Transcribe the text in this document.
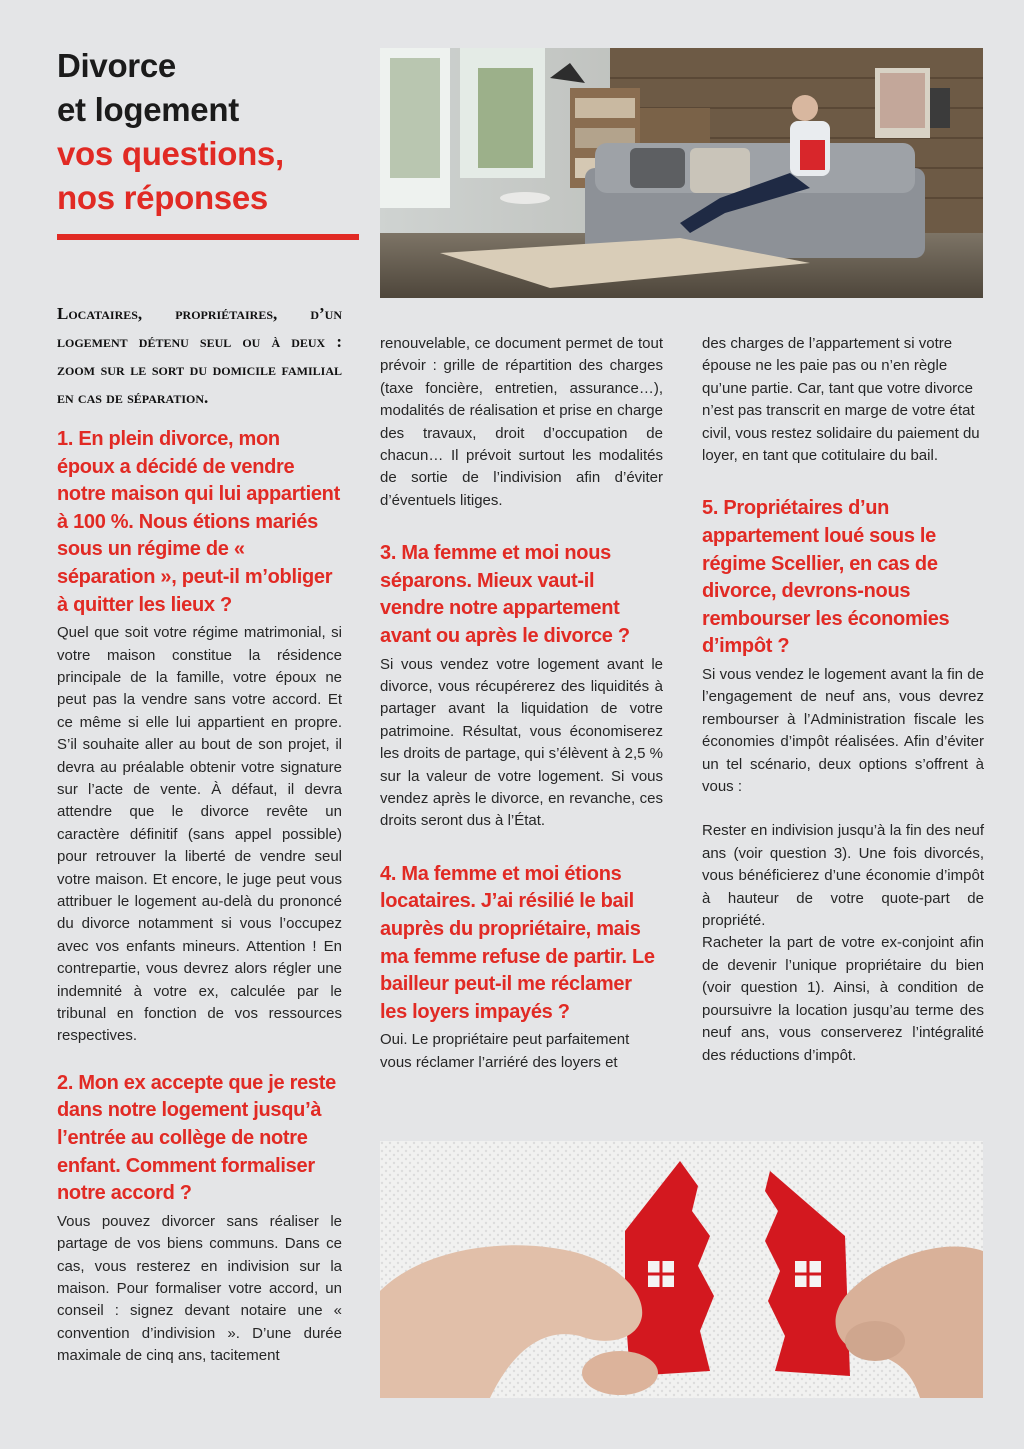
Divorce
et logement
vos questions,
nos réponses

Locataires, propriétaires, d’un logement détenu seul ou à deux : zoom sur le sort du domicile familial en cas de séparation.

1. En plein divorce, mon époux a décidé de vendre notre maison qui lui appartient à 100 %. Nous étions mariés sous un régime de « séparation », peut-il m’obliger à quitter les lieux ?

Quel que soit votre régime matrimonial, si votre maison constitue la résidence principale de la famille, votre époux ne peut pas la vendre sans votre accord. Et ce même si elle lui appartient en propre. S’il souhaite aller au bout de son projet, il devra au préalable obtenir votre signature sur l’acte de vente. À défaut, il devra attendre que le divorce revête un caractère définitif (sans appel possible) pour retrouver la liberté de vendre seul votre maison. Et encore, le juge peut vous attribuer le logement au-delà du prononcé du divorce notamment si vous l’occupez avec vos enfants mineurs. Attention ! En contrepartie, vous devrez alors régler une indemnité à votre ex, calculée par le tribunal en fonction de vos ressources respectives.

2. Mon ex accepte que je reste dans notre logement jusqu’à l’entrée au collège de notre enfant. Comment formaliser notre accord ?

Vous pouvez divorcer sans réaliser le partage de vos biens communs. Dans ce cas, vous resterez en indivision sur la maison. Pour formaliser votre accord, un conseil : signez devant notaire une « convention d’indivision ». D’une durée maximale de cinq ans, tacitement

renouvelable, ce document permet de tout prévoir : grille de répartition des charges (taxe foncière, entretien, assurance…), modalités de réalisation et prise en charge des travaux, droit d’occupation de chacun… Il prévoit surtout les modalités de sortie de l’indivision afin d’éviter d’éventuels litiges.

3. Ma femme et moi nous séparons. Mieux vaut-il vendre notre appartement avant ou après le divorce ?

Si vous vendez votre logement avant le divorce, vous récupérerez des liquidités à partager avant la liquidation de votre patrimoine. Résultat, vous économiserez les droits de partage, qui s’élèvent à 2,5 % sur la valeur de votre logement. Si vous vendez après le divorce, en revanche, ces droits seront dus à l’État.

4. Ma femme et moi étions locataires. J’ai résilié le bail auprès du propriétaire, mais ma femme refuse de partir. Le bailleur peut-il me réclamer les loyers impayés ?

Oui. Le propriétaire peut parfaitement vous réclamer l’arriéré des loyers et

des charges de l’appartement si votre épouse ne les paie pas ou n’en règle qu’une partie. Car, tant que votre divorce n’est pas transcrit en marge de votre état civil, vous restez solidaire du paiement du loyer, en tant que cotitulaire du bail.

5. Propriétaires d’un appartement loué sous le régime Scellier, en cas de divorce, devrons-nous rembourser les économies d’impôt ?

Si vous vendez le logement avant la fin de l’engagement de neuf ans, vous devrez rembourser à l’Administration fiscale les économies d’impôt réalisées. Afin d’éviter un tel scénario, deux options s’offrent à vous :

Rester en indivision jusqu’à la fin des neuf ans (voir question 3). Une fois divorcés, vous bénéficierez d’une économie d’impôt à hauteur de votre quote-part de propriété.

Racheter la part de votre ex-conjoint afin de devenir l’unique propriétaire du bien (voir question 1). Ainsi, à condition de poursuivre la location jusqu’au terme des neuf ans, vous conserverez l’intégralité des réductions d’impôt.
